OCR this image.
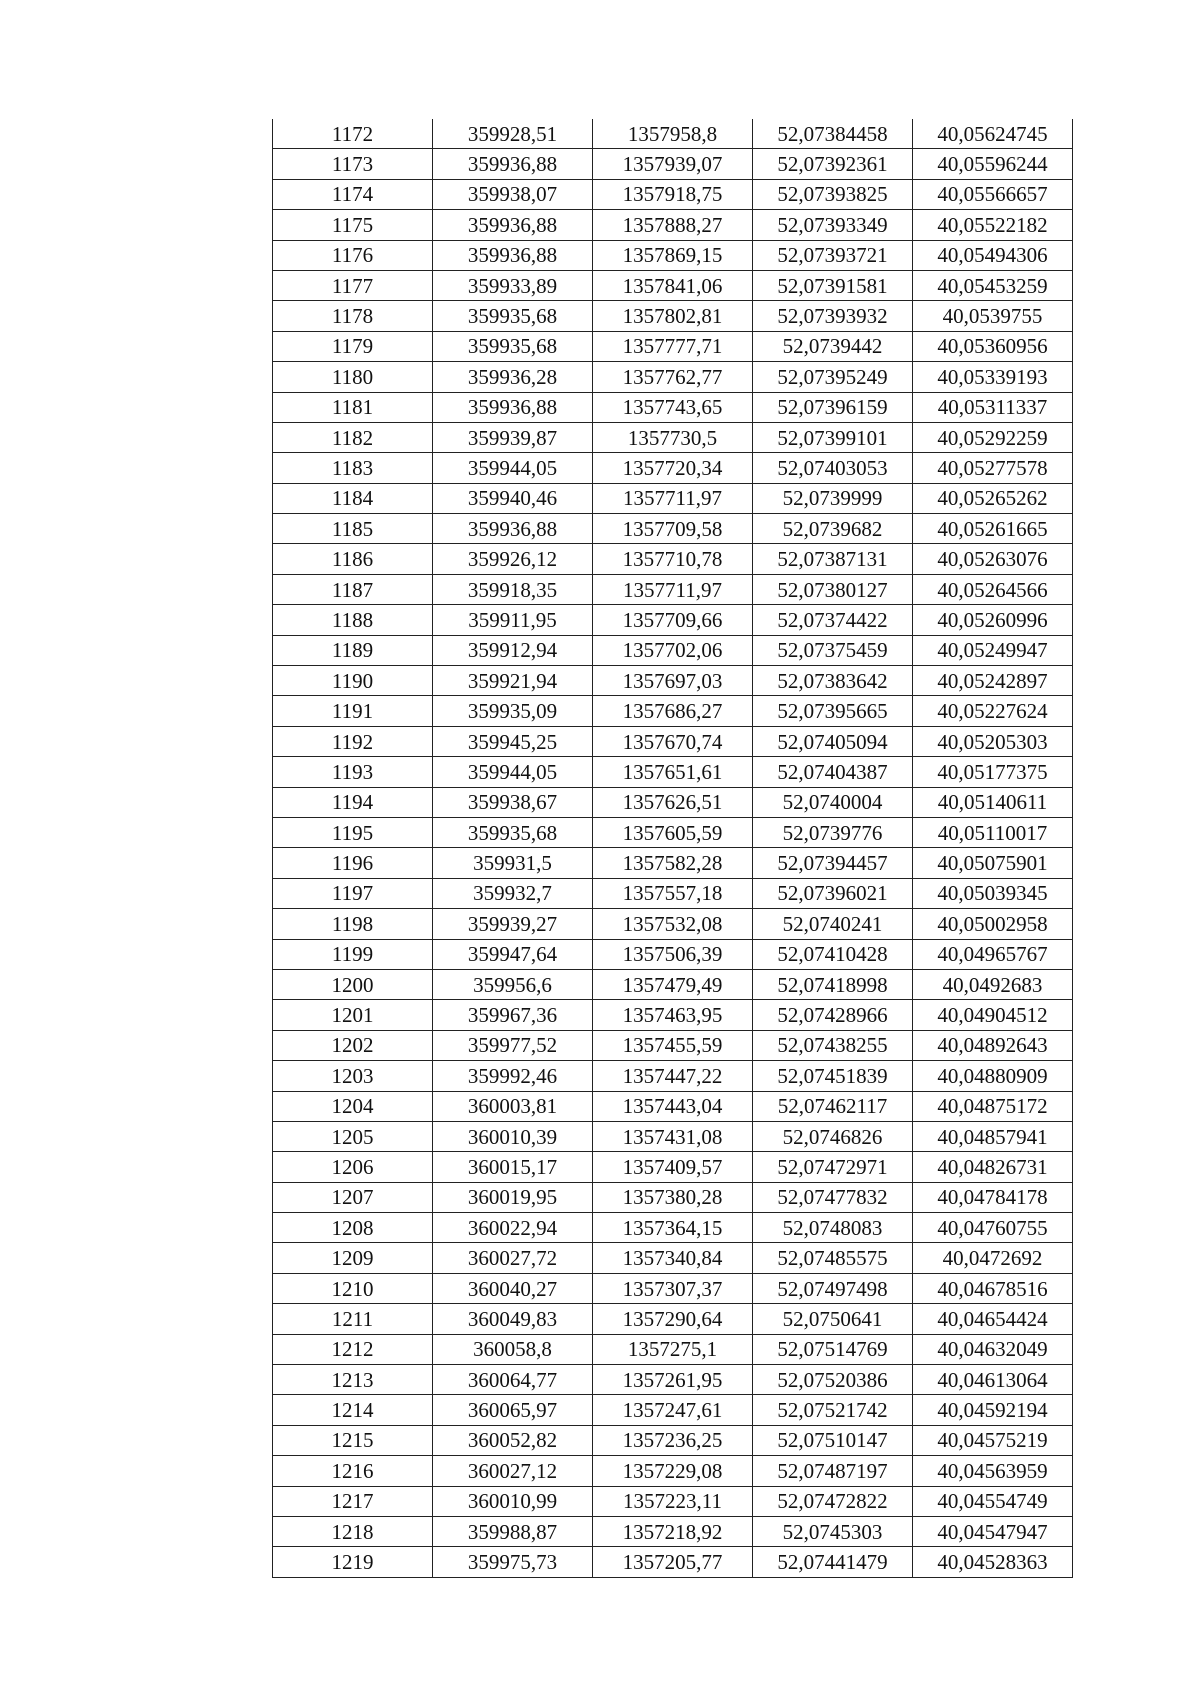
1172	359928,51	1357958,8	52,07384458	40,05624745
1173	359936,88	1357939,07	52,07392361	40,05596244
1174	359938,07	1357918,75	52,07393825	40,05566657
1175	359936,88	1357888,27	52,07393349	40,05522182
1176	359936,88	1357869,15	52,07393721	40,05494306
1177	359933,89	1357841,06	52,07391581	40,05453259
1178	359935,68	1357802,81	52,07393932	40,0539755
1179	359935,68	1357777,71	52,0739442	40,05360956
1180	359936,28	1357762,77	52,07395249	40,05339193
1181	359936,88	1357743,65	52,07396159	40,05311337
1182	359939,87	1357730,5	52,07399101	40,05292259
1183	359944,05	1357720,34	52,07403053	40,05277578
1184	359940,46	1357711,97	52,0739999	40,05265262
1185	359936,88	1357709,58	52,0739682	40,05261665
1186	359926,12	1357710,78	52,07387131	40,05263076
1187	359918,35	1357711,97	52,07380127	40,05264566
1188	359911,95	1357709,66	52,07374422	40,05260996
1189	359912,94	1357702,06	52,07375459	40,05249947
1190	359921,94	1357697,03	52,07383642	40,05242897
1191	359935,09	1357686,27	52,07395665	40,05227624
1192	359945,25	1357670,74	52,07405094	40,05205303
1193	359944,05	1357651,61	52,07404387	40,05177375
1194	359938,67	1357626,51	52,0740004	40,05140611
1195	359935,68	1357605,59	52,0739776	40,05110017
1196	359931,5	1357582,28	52,07394457	40,05075901
1197	359932,7	1357557,18	52,07396021	40,05039345
1198	359939,27	1357532,08	52,0740241	40,05002958
1199	359947,64	1357506,39	52,07410428	40,04965767
1200	359956,6	1357479,49	52,07418998	40,0492683
1201	359967,36	1357463,95	52,07428966	40,04904512
1202	359977,52	1357455,59	52,07438255	40,04892643
1203	359992,46	1357447,22	52,07451839	40,04880909
1204	360003,81	1357443,04	52,07462117	40,04875172
1205	360010,39	1357431,08	52,0746826	40,04857941
1206	360015,17	1357409,57	52,07472971	40,04826731
1207	360019,95	1357380,28	52,07477832	40,04784178
1208	360022,94	1357364,15	52,0748083	40,04760755
1209	360027,72	1357340,84	52,07485575	40,0472692
1210	360040,27	1357307,37	52,07497498	40,04678516
1211	360049,83	1357290,64	52,0750641	40,04654424
1212	360058,8	1357275,1	52,07514769	40,04632049
1213	360064,77	1357261,95	52,07520386	40,04613064
1214	360065,97	1357247,61	52,07521742	40,04592194
1215	360052,82	1357236,25	52,07510147	40,04575219
1216	360027,12	1357229,08	52,07487197	40,04563959
1217	360010,99	1357223,11	52,07472822	40,04554749
1218	359988,87	1357218,92	52,0745303	40,04547947
1219	359975,73	1357205,77	52,07441479	40,04528363
